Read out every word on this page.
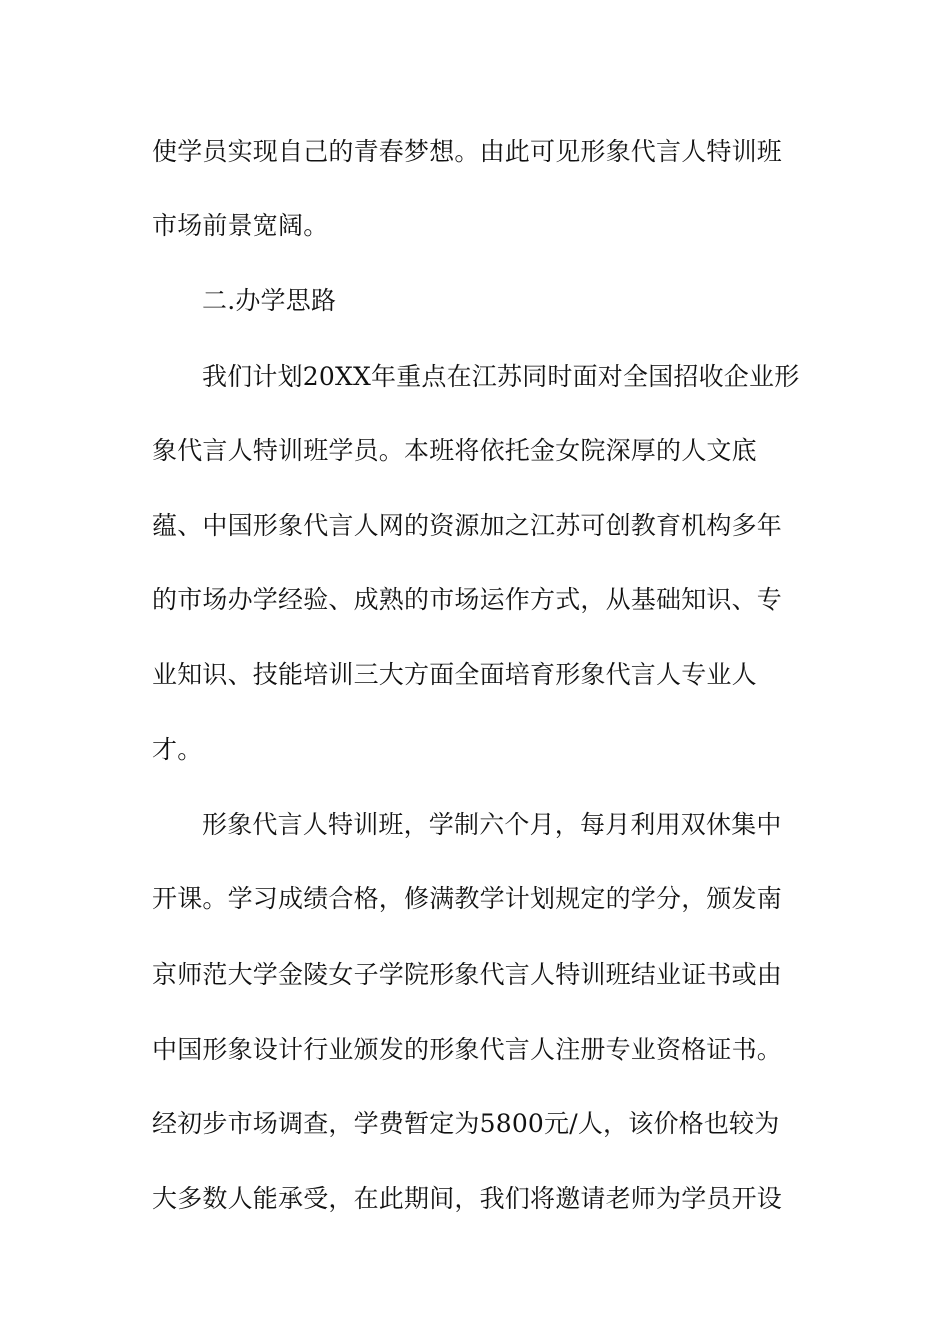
使学员实现自己的青春梦想。由此可见形象代言人特训班
市场前景宽阔。
二.办学思路
我们计划20XX年重点在江苏同时面对全国招收企业形
象代言人特训班学员。本班将依托金女院深厚的人文底
蕴、中国形象代言人网的资源加之江苏可创教育机构多年
的市场办学经验、成熟的市场运作方式，从基础知识、专
业知识、技能培训三大方面全面培育形象代言人专业人
才。
形象代言人特训班，学制六个月，每月利用双休集中
开课。学习成绩合格，修满教学计划规定的学分，颁发南
京师范大学金陵女子学院形象代言人特训班结业证书或由
中国形象设计行业颁发的形象代言人注册专业资格证书。
经初步市场调查，学费暂定为5800元/人，该价格也较为
大多数人能承受，在此期间，我们将邀请老师为学员开设
